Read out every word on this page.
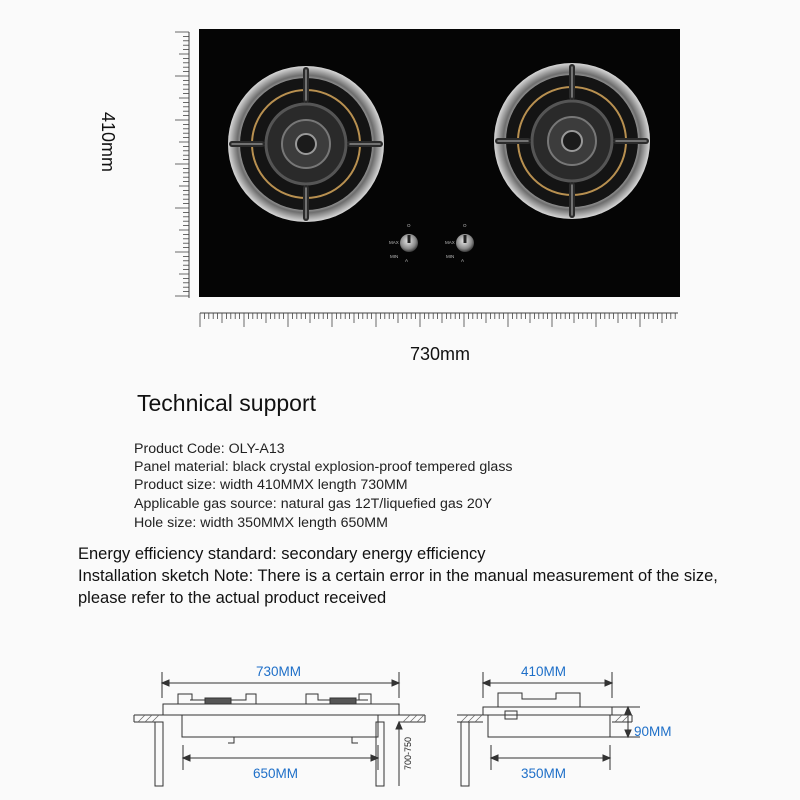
O
MAX
MIN
A
O
MAX
MIN
A
410mm
730mm
Technical support
Product Code: OLY-A13
Panel material: black crystal explosion-proof tempered glass
Product size: width 410MMX length 730MM
Applicable gas source: natural gas 12T/liquefied gas 20Y
Hole size: width 350MMX length 650MM
Energy efficiency standard: secondary energy efficiency
Installation sketch Note: There is a certain error in the manual measurement of the size,
please refer to the actual product received
730MM
650MM
700-750
410MM
350MM
90MM
